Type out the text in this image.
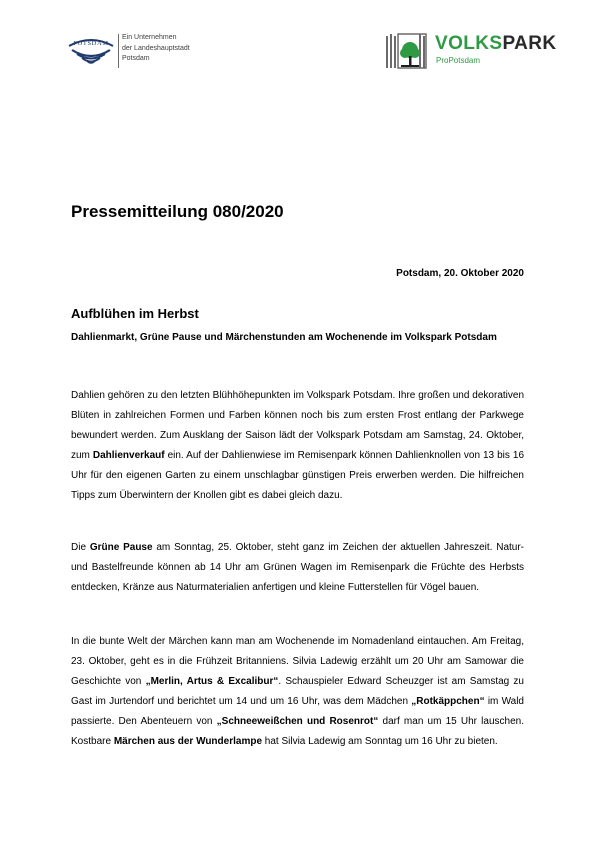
POTSDAM
Ein Unternehmen
der Landeshauptstadt
Potsdam
VOLKSPARK
ProPotsdam
Pressemitteilung 080/2020
Potsdam, 20. Oktober 2020
Aufblühen im Herbst
Dahlienmarkt, Grüne Pause und Märchenstunden am Wochenende im Volkspark Potsdam
Dahlien gehören zu den letzten Blühhöhepunkten im Volkspark Potsdam. Ihre großen und dekorativen Blüten in zahlreichen Formen und Farben können noch bis zum ersten Frost entlang der Parkwege bewundert werden. Zum Ausklang der Saison lädt der Volkspark Potsdam am Samstag, 24. Oktober, zum Dahlienverkauf ein. Auf der Dahlienwiese im Remisenpark können Dahlienknollen von 13 bis 16 Uhr für den eigenen Garten zu einem unschlagbar günstigen Preis erwerben werden. Die hilfreichen Tipps zum Überwintern der Knollen gibt es dabei gleich dazu.
Die Grüne Pause am Sonntag, 25. Oktober, steht ganz im Zeichen der aktuellen Jahreszeit. Natur- und Bastelfreunde können ab 14 Uhr am Grünen Wagen im Remisenpark die Früchte des Herbsts entdecken, Kränze aus Naturmaterialien anfertigen und kleine Futterstellen für Vögel bauen.
In die bunte Welt der Märchen kann man am Wochenende im Nomadenland eintauchen. Am Freitag, 23. Oktober, geht es in die Frühzeit Britanniens. Silvia Ladewig erzählt um 20 Uhr am Samowar die Geschichte von „Merlin, Artus & Excalibur“. Schauspieler Edward Scheuzger ist am Samstag zu Gast im Jurtendorf und berichtet um 14 und um 16 Uhr, was dem Mädchen „Rotkäppchen“ im Wald passierte. Den Abenteuern von „Schneeweißchen und Rosenrot“ darf man um 15 Uhr lauschen. Kostbare Märchen aus der Wunderlampe hat Silvia Ladewig am Sonntag um 16 Uhr zu bieten.
